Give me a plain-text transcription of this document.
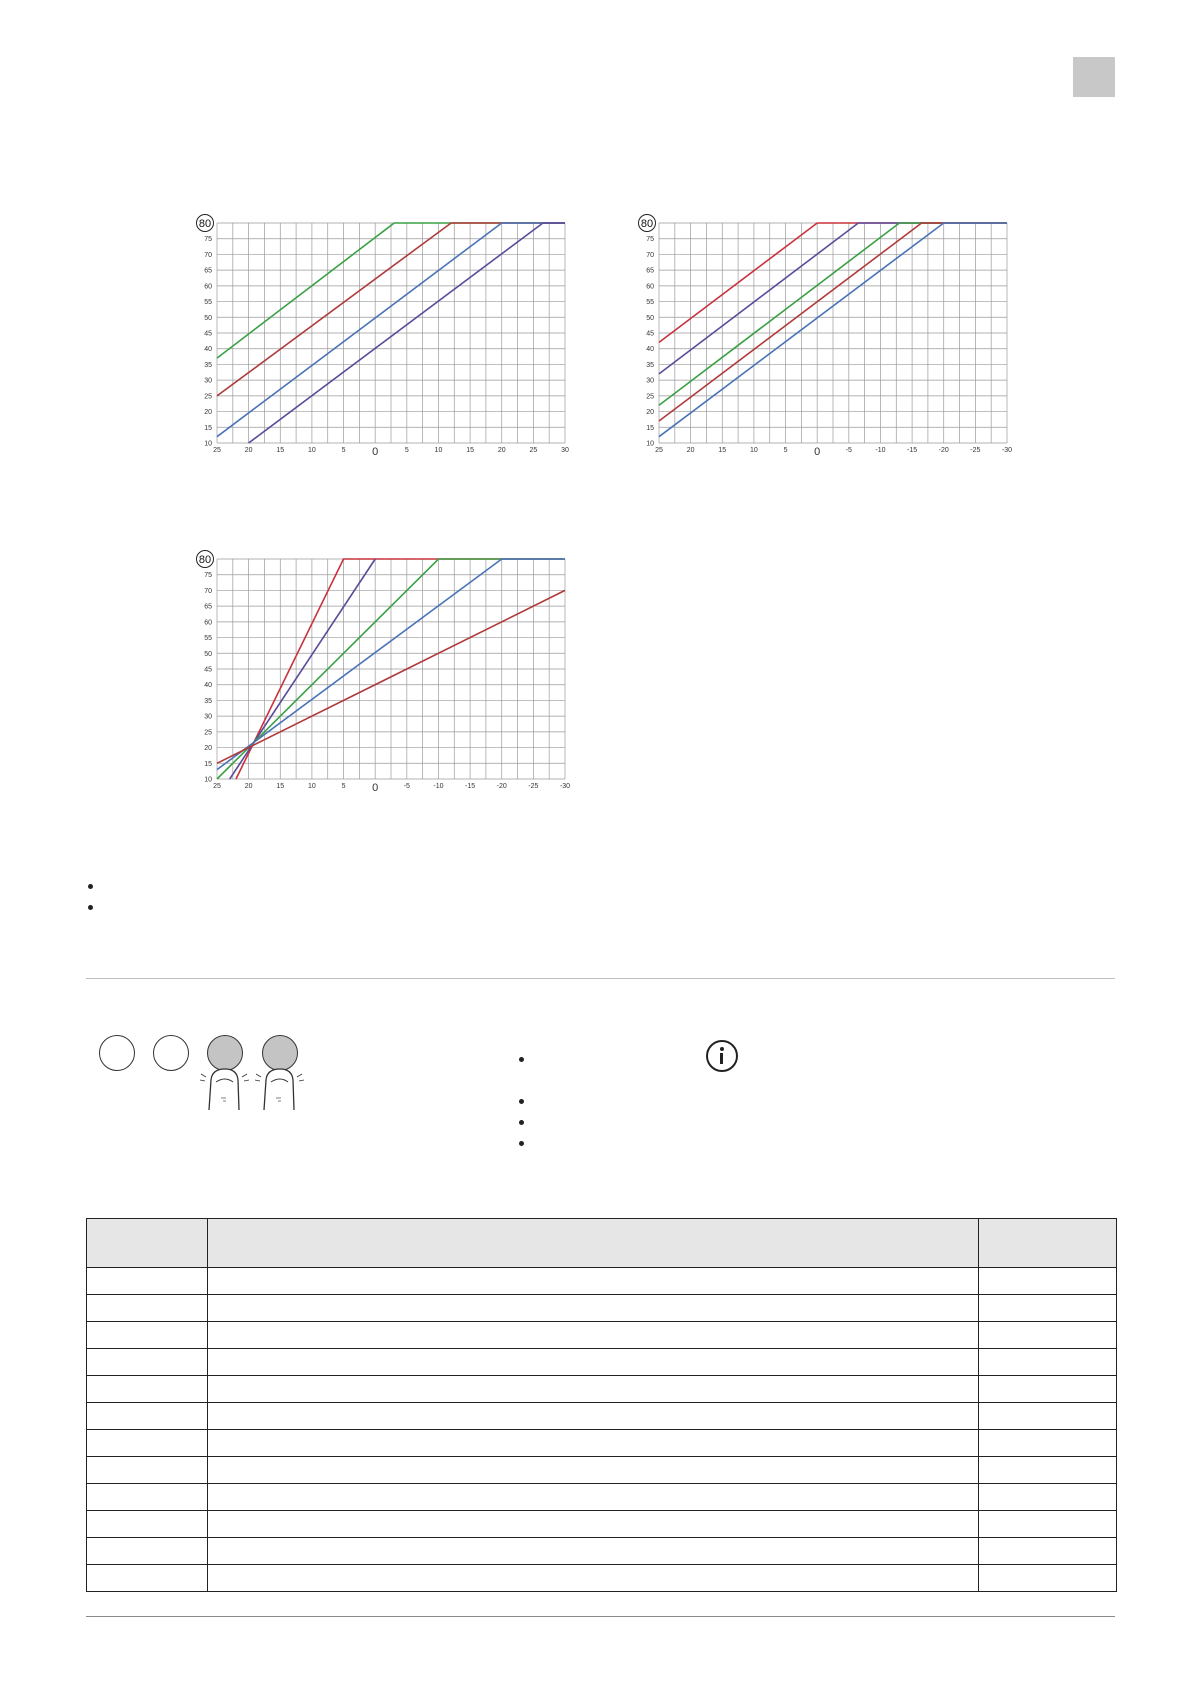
80
75
70
65
60
55
50
45
40
35
30
25
20
15
10
25	20	15	10	5 0	5	10	15	20	25	30
80
75
70
65
60
55
50
45
40
35
30
25
20
15
10
25	20	15	10	5 0	-5	-10	-15	-20	-25	-30
80
75
70
65
60
55
50
45
40
35
30
25
20
15
10
25	20	15	10	5 0	-5	-10	-15	-20	-25	-30
